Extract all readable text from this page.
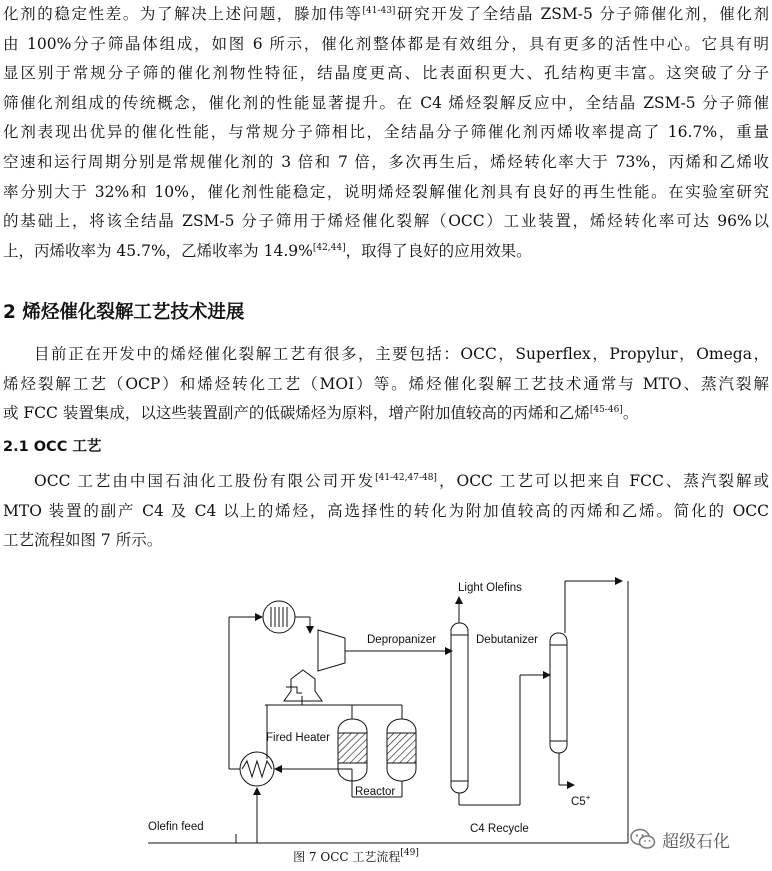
化剂的稳定性差。为了解决上述问题，滕加伟等[41-43]研究开发了全结晶 ZSM-5 分子筛催化剂，催化剂
由 100%分子筛晶体组成，如图 6 所示，催化剂整体都是有效组分，具有更多的活性中心。它具有明
显区别于常规分子筛的催化剂物性特征，结晶度更高、比表面积更大、孔结构更丰富。这突破了分子
筛催化剂组成的传统概念，催化剂的性能显著提升。在 C4 烯烃裂解反应中，全结晶 ZSM-5 分子筛催
化剂表现出优异的催化性能，与常规分子筛相比，全结晶分子筛催化剂丙烯收率提高了 16.7%，重量
空速和运行周期分别是常规催化剂的 3 倍和 7 倍，多次再生后，烯烃转化率大于 73%，丙烯和乙烯收
率分别大于 32%和 10%，催化剂性能稳定，说明烯烃裂解催化剂具有良好的再生性能。在实验室研究
的基础上，将该全结晶 ZSM-5 分子筛用于烯烃催化裂解（OCC）工业装置，烯烃转化率可达 96%以
上，丙烯收率为 45.7%，乙烯收率为 14.9%[42,44]，取得了良好的应用效果。
2 烯烃催化裂解工艺技术进展
目前正在开发中的烯烃催化裂解工艺有很多，主要包括：OCC，Superflex，Propylur，Omega，
烯烃裂解工艺（OCP）和烯烃转化工艺（MOI）等。烯烃催化裂解工艺技术通常与 MTO、蒸汽裂解
或 FCC 装置集成，以这些装置副产的低碳烯烃为原料，增产附加值较高的丙烯和乙烯[45-46]。
2.1 OCC 工艺
OCC 工艺由中国石油化工股份有限公司开发[41-42,47-48]，OCC 工艺可以把来自 FCC、蒸汽裂解或
MTO 装置的副产 C4 及 C4 以上的烯烃，高选择性的转化为附加值较高的丙烯和乙烯。简化的 OCC
工艺流程如图 7 所示。
Light Olefins
Depropanizer	Debutanizer
Fired Heater
Reactor
C5+
C4 Recycle
Olefin feed

图 7 OCC 工艺流程[49]

超级石化
